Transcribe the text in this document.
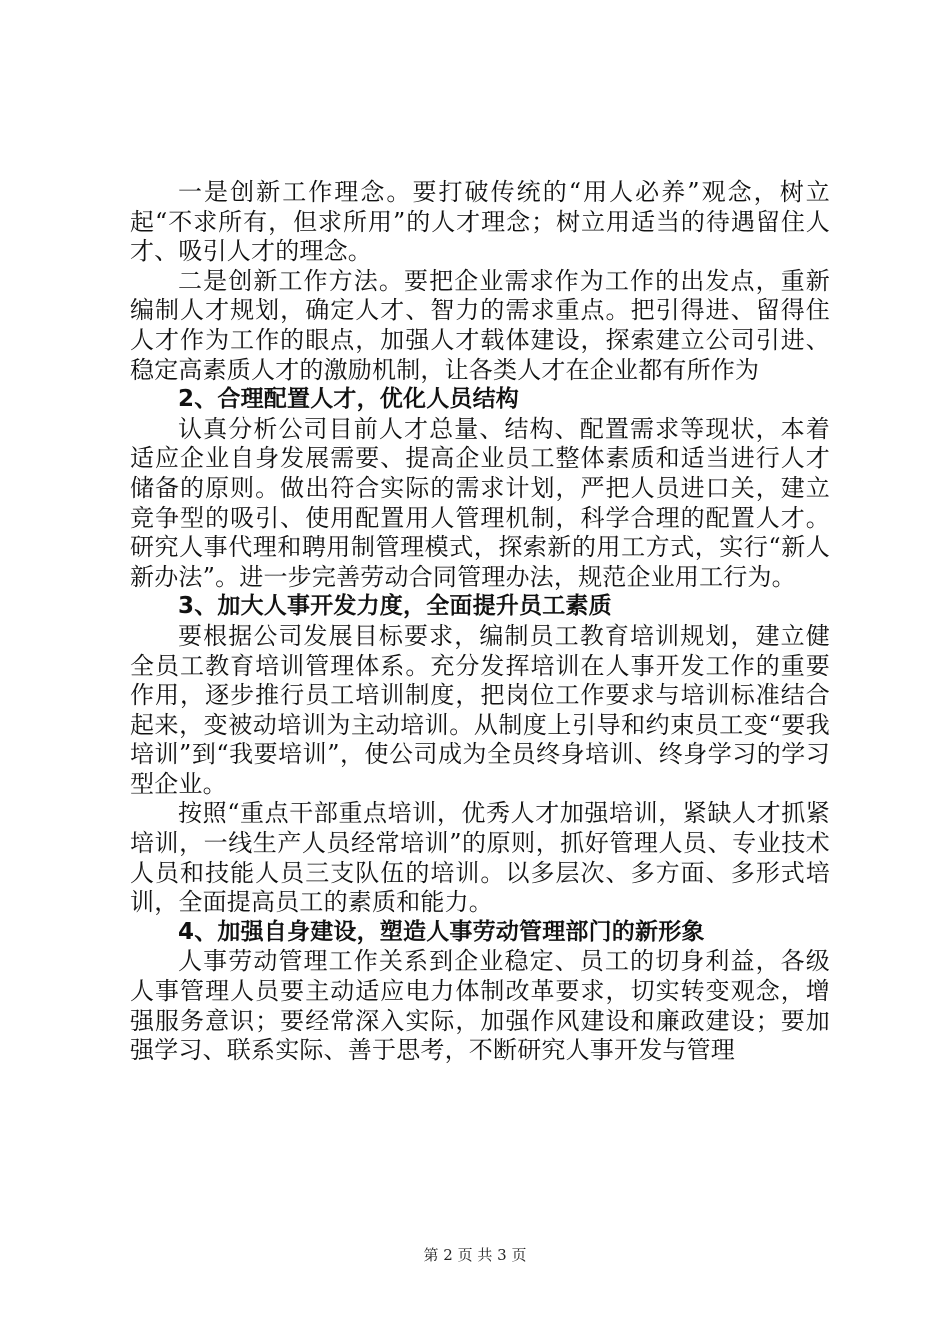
一是创新工作理念。要打破传统的“用人必养”观念，树立起“不求所有，但求所用”的人才理念；树立用适当的待遇留住人才、吸引人才的理念。

二是创新工作方法。要把企业需求作为工作的出发点，重新编制人才规划，确定人才、智力的需求重点。把引得进、留得住人才作为工作的眼点，加强人才载体建设，探索建立公司引进、稳定高素质人才的激励机制，让各类人才在企业都有所作为

2、合理配置人才，优化人员结构

认真分析公司目前人才总量、结构、配置需求等现状，本着适应企业自身发展需要、提高企业员工整体素质和适当进行人才储备的原则。做出符合实际的需求计划，严把人员进口关，建立竞争型的吸引、使用配置用人管理机制，科学合理的配置人才。研究人事代理和聘用制管理模式，探索新的用工方式，实行“新人新办法”。进一步完善劳动合同管理办法，规范企业用工行为。

3、加大人事开发力度，全面提升员工素质

要根据公司发展目标要求，编制员工教育培训规划，建立健全员工教育培训管理体系。充分发挥培训在人事开发工作的重要作用，逐步推行员工培训制度，把岗位工作要求与培训标准结合起来，变被动培训为主动培训。从制度上引导和约束员工变“要我培训”到“我要培训”，使公司成为全员终身培训、终身学习的学习型企业。

按照“重点干部重点培训，优秀人才加强培训，紧缺人才抓紧培训，一线生产人员经常培训”的原则，抓好管理人员、专业技术人员和技能人员三支队伍的培训。以多层次、多方面、多形式培训，全面提高员工的素质和能力。

4、加强自身建设，塑造人事劳动管理部门的新形象

人事劳动管理工作关系到企业稳定、员工的切身利益，各级人事管理人员要主动适应电力体制改革要求，切实转变观念，增强服务意识；要经常深入实际，加强作风建设和廉政建设；要加强学习、联系实际、善于思考，不断研究人事开发与管理

第 2 页 共 3 页
